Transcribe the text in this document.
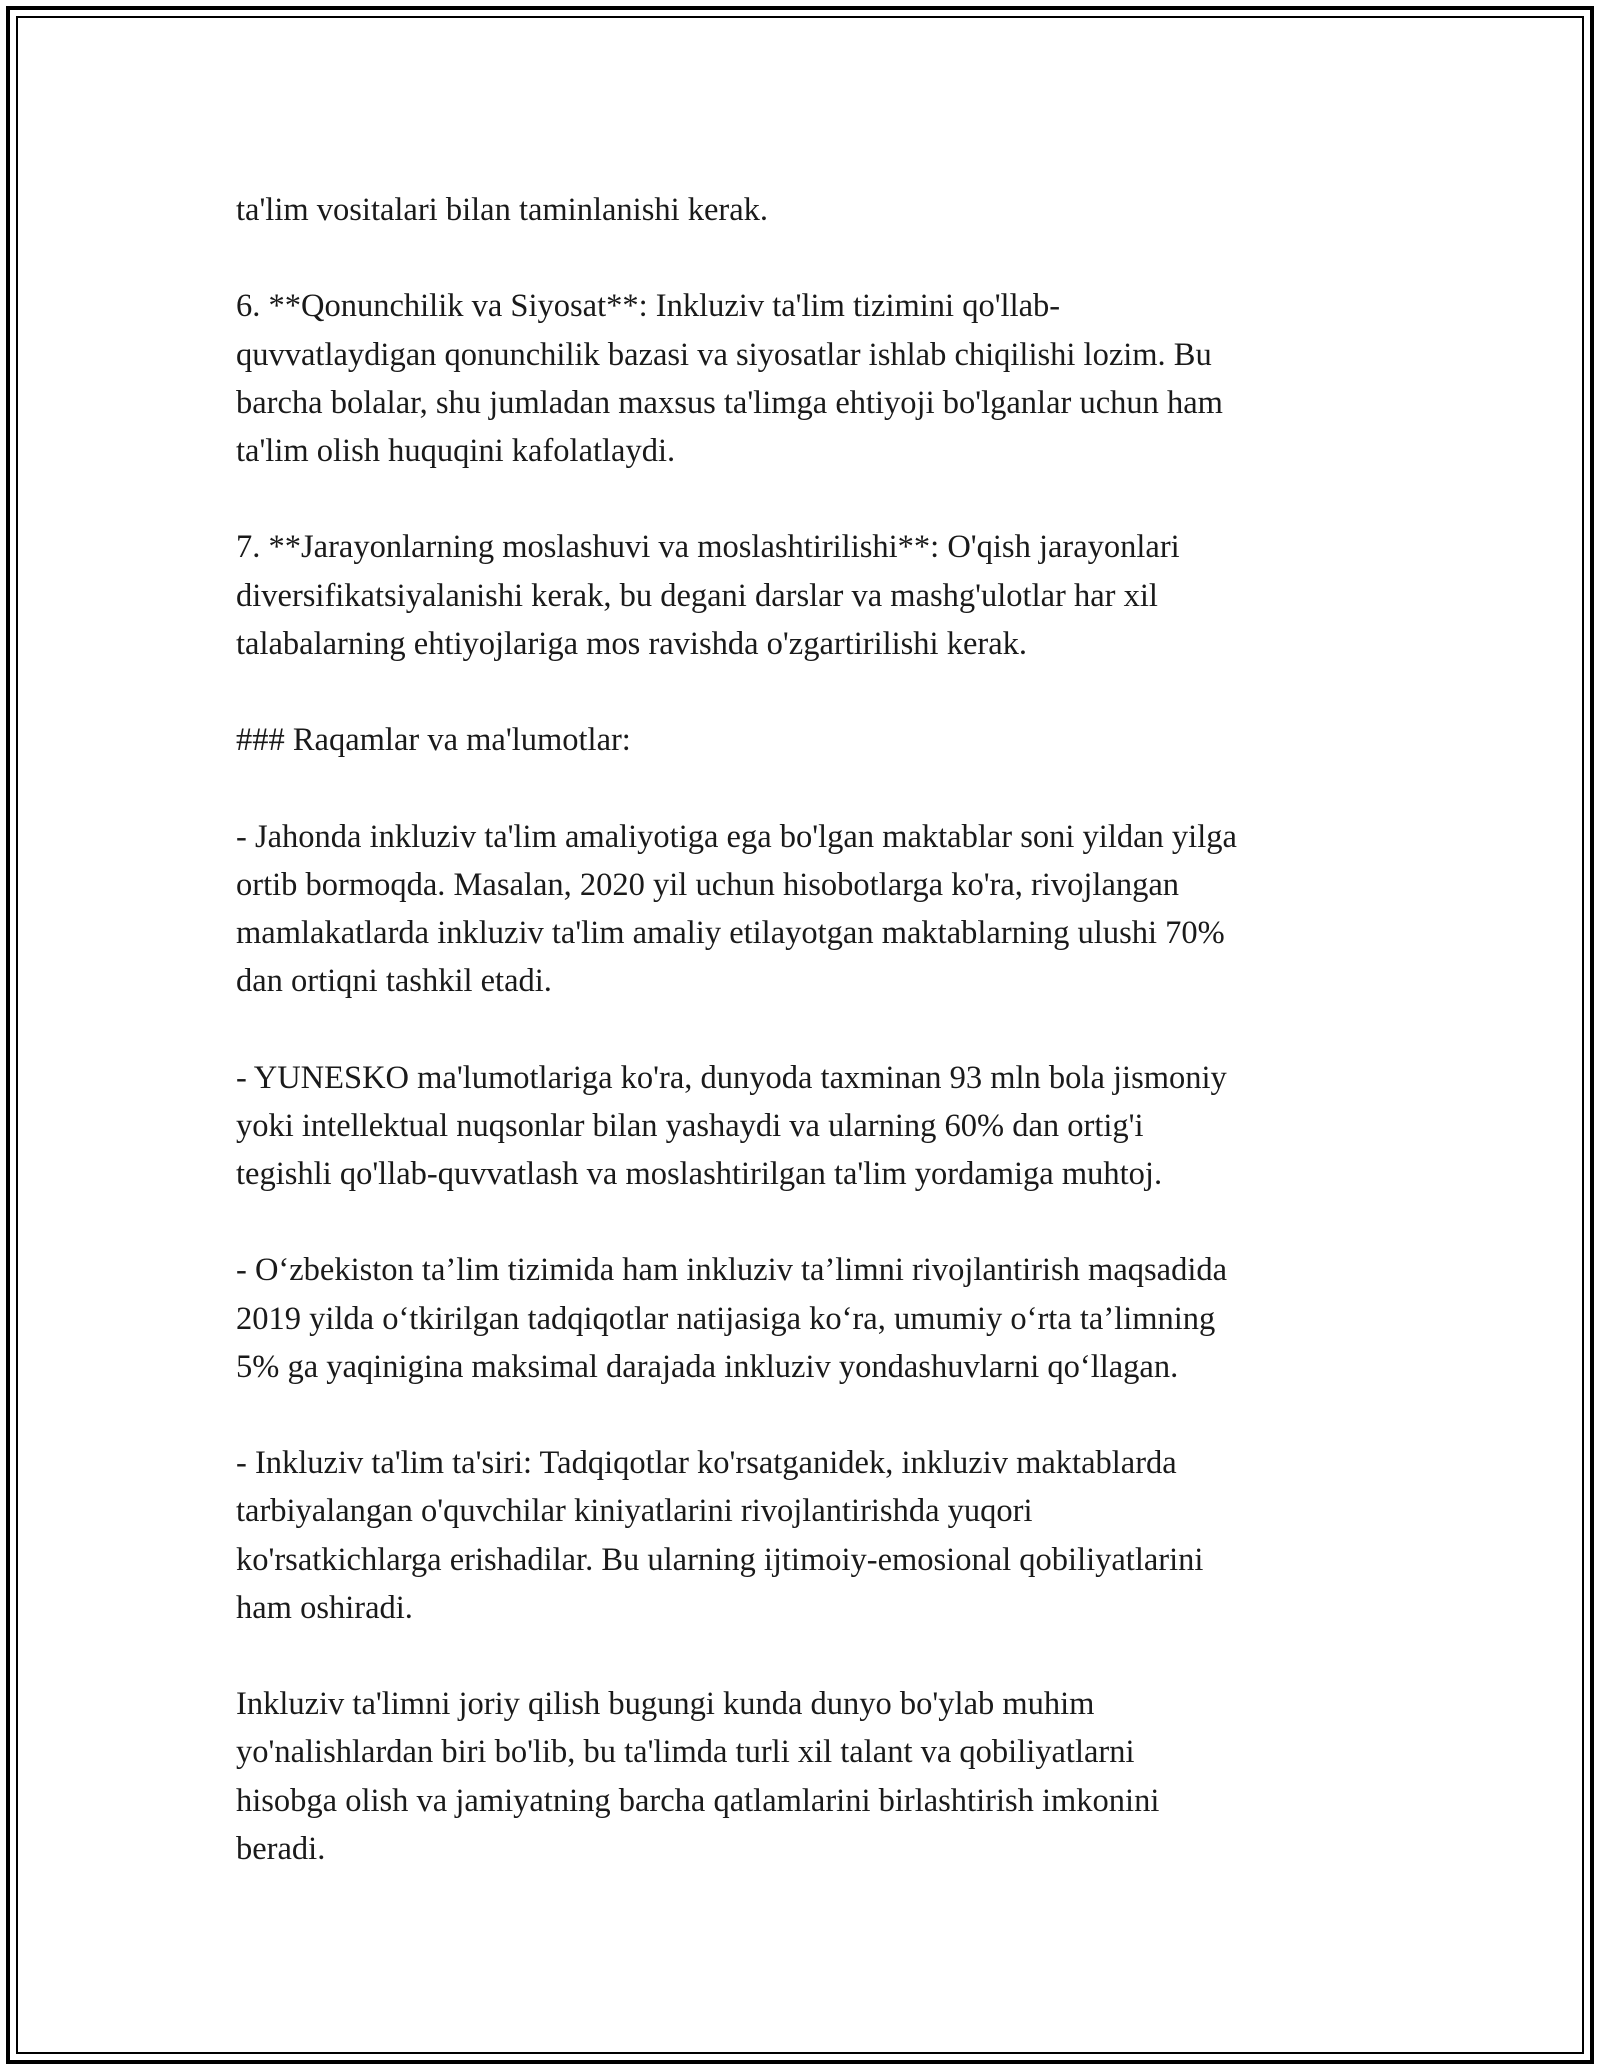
ta'lim vositalari bilan taminlanishi kerak.

6. **Qonunchilik va Siyosat**: Inkluziv ta'lim tizimini qo'llab-
quvvatlaydigan qonunchilik bazasi va siyosatlar ishlab chiqilishi lozim. Bu
barcha bolalar, shu jumladan maxsus ta'limga ehtiyoji bo'lganlar uchun ham
ta'lim olish huquqini kafolatlaydi.

7. **Jarayonlarning moslashuvi va moslashtirilishi**: O'qish jarayonlari
diversifikatsiyalanishi kerak, bu degani darslar va mashg'ulotlar har xil
talabalarning ehtiyojlariga mos ravishda o'zgartirilishi kerak.

### Raqamlar va ma'lumotlar:

- Jahonda inkluziv ta'lim amaliyotiga ega bo'lgan maktablar soni yildan yilga
ortib bormoqda. Masalan, 2020 yil uchun hisobotlarga ko'ra, rivojlangan
mamlakatlarda inkluziv ta'lim amaliy etilayotgan maktablarning ulushi 70%
dan ortiqni tashkil etadi.

- YUNESKO ma'lumotlariga ko'ra, dunyoda taxminan 93 mln bola jismoniy
yoki intellektual nuqsonlar bilan yashaydi va ularning 60% dan ortig'i
tegishli qo'llab-quvvatlash va moslashtirilgan ta'lim yordamiga muhtoj.

- O‘zbekiston ta’lim tizimida ham inkluziv ta’limni rivojlantirish maqsadida
2019 yilda o‘tkirilgan tadqiqotlar natijasiga ko‘ra, umumiy o‘rta ta’limning
5% ga yaqinigina maksimal darajada inkluziv yondashuvlarni qo‘llagan.

- Inkluziv ta'lim ta'siri: Tadqiqotlar ko'rsatganidek, inkluziv maktablarda
tarbiyalangan o'quvchilar kiniyatlarini rivojlantirishda yuqori
ko'rsatkichlarga erishadilar. Bu ularning ijtimoiy-emosional qobiliyatlarini
ham oshiradi.

Inkluziv ta'limni joriy qilish bugungi kunda dunyo bo'ylab muhim
yo'nalishlardan biri bo'lib, bu ta'limda turli xil talant va qobiliyatlarni
hisobga olish va jamiyatning barcha qatlamlarini birlashtirish imkonini
beradi.
